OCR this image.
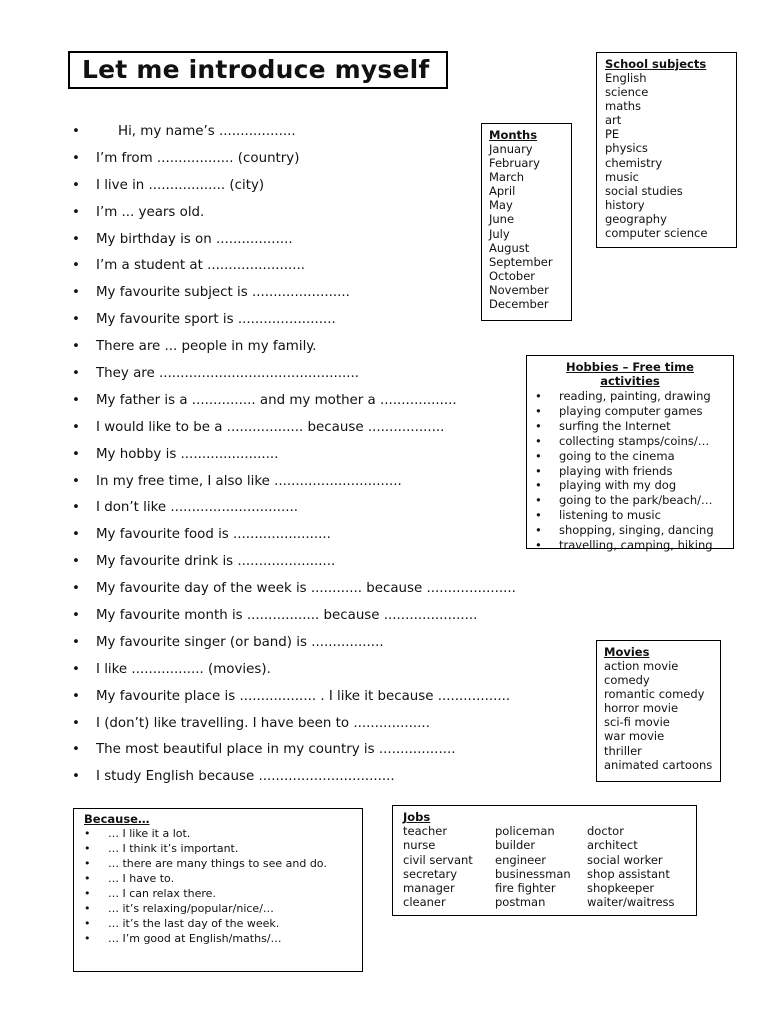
Let me introduce myself
•	Hi, my name’s ..................
• I’m from .................. (country)
• I live in .................. (city)
• I’m ... years old.
• My birthday is on ..................
• I’m a student at .......................
• My favourite subject is .......................
• My favourite sport is .......................
• There are ... people in my family.
• They are ...............................................
• My father is a ............... and my mother a ..................
• I would like to be a .................. because ..................
• My hobby is .......................
• In my free time, I also like ..............................
• I don’t like ..............................
• My favourite food is .......................
• My favourite drink is .......................
• My favourite day of the week is ............ because .....................
• My favourite month is ................. because ......................
• My favourite singer (or band) is .................
• I like ................. (movies).
• My favourite place is .................. . I like it because .................
• I (don’t) like travelling. I have been to ..................
• The most beautiful place in my country is ..................
• I study English because ................................
Months
January
February
March
April
May
June
July
August
September
October
November
December
School subjects
English
science
maths
art
PE
physics
chemistry
music
social studies
history
geography
computer science
Hobbies – Free time activities
• reading, painting, drawing
• playing computer games
• surfing the Internet
• collecting stamps/coins/…
• going to the cinema
• playing with friends
• playing with my dog
• going to the park/beach/…
• listening to music
• shopping, singing, dancing
• travelling, camping, hiking
Movies
action movie
comedy
romantic comedy
horror movie
sci-fi movie
war movie
thriller
animated cartoons
Because…
• … I like it a lot.
• … I think it’s important.
• … there are many things to see and do.
• … I have to.
• … I can relax there.
• … it’s relaxing/popular/nice/…
• … it’s the last day of the week.
• … I’m good at English/maths/…
Jobs
teacher
nurse
civil servant
secretary
manager
cleaner
policeman
builder
engineer
businessman
fire fighter
postman
doctor
architect
social worker
shop assistant
shopkeeper
waiter/waitress
